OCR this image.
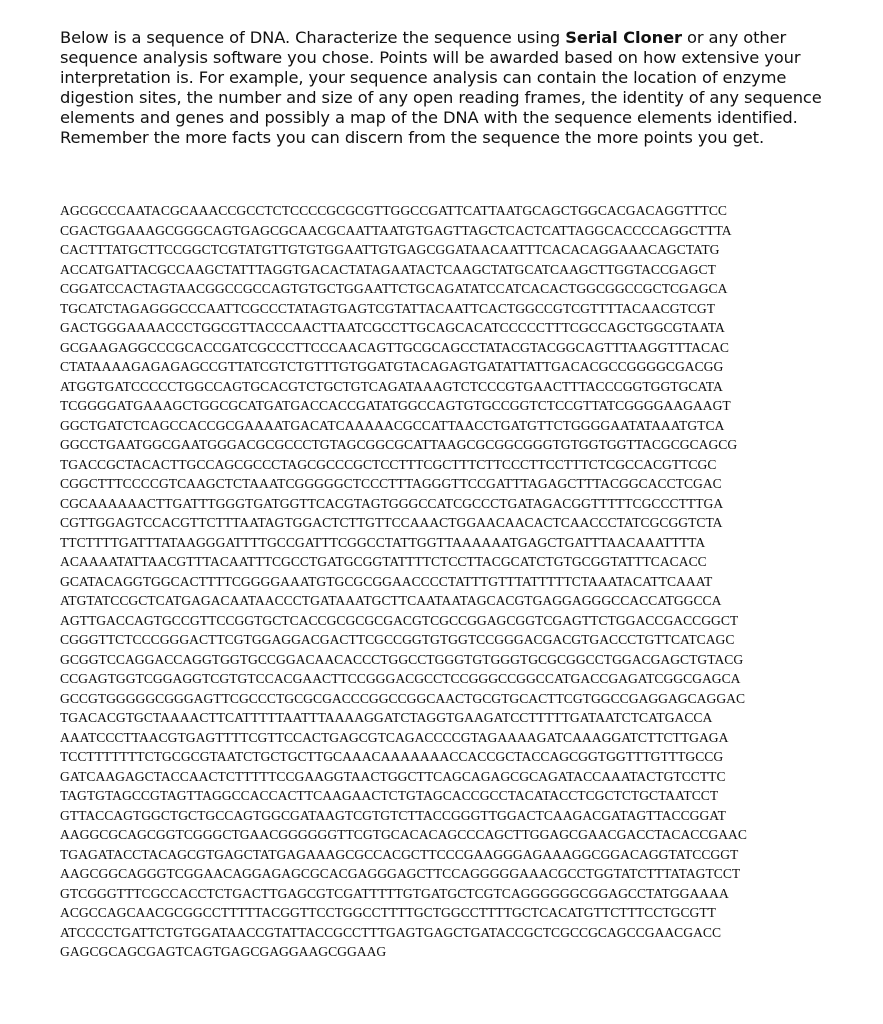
Below is a sequence of DNA. Characterize the sequence using Serial Cloner or any other sequence analysis software you chose. Points will be awarded based on how extensive your interpretation is. For example, your sequence analysis can contain the location of enzyme digestion sites, the number and size of any open reading frames, the identity of any sequence elements and genes and possibly a map of the DNA with the sequence elements identified. Remember the more facts you can discern from the sequence the more points you get.

AGCGCCCAATACGCAAACCGCCTCTCCCCGCGCGTTGGCCGATTCATTAATGCAGCTGGCACGACAGGTTTCC
CGACTGGAAAGCGGGCAGTGAGCGCAACGCAATTAATGTGAGTTAGCTCACTCATTAGGCACCCCAGGCTTTA
CACTTTATGCTTCCGGCTCGTATGTTGTGTGGAATTGTGAGCGGATAACAATTTCACACAGGAAACAGCTATG
ACCATGATTACGCCAAGCTATTTAGGTGACACTATAGAATACTCAAGCTATGCATCAAGCTTGGTACCGAGCT
CGGATCCACTAGTAACGGCCGCCAGTGTGCTGGAATTCTGCAGATATCCATCACACTGGCGGCCGCTCGAGCA
TGCATCTAGAGGGCCCAATTCGCCCTATAGTGAGTCGTATTACAATTCACTGGCCGTCGTTTTACAACGTCGT
GACTGGGAAAACCCTGGCGTTACCCAACTTAATCGCCTTGCAGCACATCCCCCTTTCGCCAGCTGGCGTAATA
GCGAAGAGGCCCGCACCGATCGCCCTTCCCAACAGTTGCGCAGCCTATACGTACGGCAGTTTAAGGTTTACAC
CTATAAAAGAGAGAGCCGTTATCGTCTGTTTGTGGATGTACAGAGTGATATTATTGACACGCCGGGGCGACGG
ATGGTGATCCCCCTGGCCAGTGCACGTCTGCTGTCAGATAAAGTCTCCCGTGAACTTTACCCGGTGGTGCATA
TCGGGGATGAAAGCTGGCGCATGATGACCACCGATATGGCCAGTGTGCCGGTCTCCGTTATCGGGGAAGAAGT
GGCTGATCTCAGCCACCGCGAAAATGACATCAAAAACGCCATTAACCTGATGTTCTGGGGAATATAAATGTCA
GGCCTGAATGGCGAATGGGACGCGCCCTGTAGCGGCGCATTAAGCGCGGCGGGTGTGGTGGTTACGCGCAGCG
TGACCGCTACACTTGCCAGCGCCCTAGCGCCCGCTCCTTTCGCTTTCTTCCCTTCCTTTCTCGCCACGTTCGC
CGGCTTTCCCCGTCAAGCTCTAAATCGGGGGCTCCCTTTAGGGTTCCGATTTAGAGCTTTACGGCACCTCGAC
CGCAAAAAACTTGATTTGGGTGATGGTTCACGTAGTGGGCCATCGCCCTGATAGACGGTTTTTCGCCCTTTGA
CGTTGGAGTCCACGTTCTTTAATAGTGGACTCTTGTTCCAAACTGGAACAACACTCAACCCTATCGCGGTCTA
TTCTTTTGATTTATAAGGGATTTTGCCGATTTCGGCCTATTGGTTAAAAAATGAGCTGATTTAACAAATTTTA
ACAAAATATTAACGTTTACAATTTCGCCTGATGCGGTATTTTCTCCTTACGCATCTGTGCGGTATTTCACACC
GCATACAGGTGGCACTTTTCGGGGAAATGTGCGCGGAACCCCTATTTGTTTATTTTTCTAAATACATTCAAAT
ATGTATCCGCTCATGAGACAATAACCCTGATAAATGCTTCAATAATAGCACGTGAGGAGGGCCACCATGGCCA
AGTTGACCAGTGCCGTTCCGGTGCTCACCGCGCGCGACGTCGCCGGAGCGGTCGAGTTCTGGACCGACCGGCT
CGGGTTCTCCCGGGACTTCGTGGAGGACGACTTCGCCGGTGTGGTCCGGGACGACGTGACCCTGTTCATCAGC
GCGGTCCAGGACCAGGTGGTGCCGGACAACACCCTGGCCTGGGTGTGGGTGCGCGGCCTGGACGAGCTGTACG
CCGAGTGGTCGGAGGTCGTGTCCACGAACTTCCGGGACGCCTCCGGGCCGGCCATGACCGAGATCGGCGAGCA
GCCGTGGGGGCGGGAGTTCGCCCTGCGCGACCCGGCCGGCAACTGCGTGCACTTCGTGGCCGAGGAGCAGGAC
TGACACGTGCTAAAACTTCATTTTTAATTTAAAAGGATCTAGGTGAAGATCCTTTTTGATAATCTCATGACCA
AAATCCCTTAACGTGAGTTTTCGTTCCACTGAGCGTCAGACCCCGTAGAAAAGATCAAAGGATCTTCTTGAGA
TCCTTTTTTTCTGCGCGTAATCTGCTGCTTGCAAACAAAAAAACCACCGCTACCAGCGGTGGTTTGTTTGCCG
GATCAAGAGCTACCAACTCTTTTTCCGAAGGTAACTGGCTTCAGCAGAGCGCAGATACCAAATACTGTCCTTC
TAGTGTAGCCGTAGTTAGGCCACCACTTCAAGAACTCTGTAGCACCGCCTACATACCTCGCTCTGCTAATCCT
GTTACCAGTGGCTGCTGCCAGTGGCGATAAGTCGTGTCTTACCGGGTTGGACTCAAGACGATAGTTACCGGAT
AAGGCGCAGCGGTCGGGCTGAACGGGGGGTTCGTGCACACAGCCCAGCTTGGAGCGAACGACCTACACCGAAC
TGAGATACCTACAGCGTGAGCTATGAGAAAGCGCCACGCTTCCCGAAGGGAGAAAGGCGGACAGGTATCCGGT
AAGCGGCAGGGTCGGAACAGGAGAGCGCACGAGGGAGCTTCCAGGGGGAAACGCCTGGTATCTTTATAGTCCT
GTCGGGTTTCGCCACCTCTGACTTGAGCGTCGATTTTTGTGATGCTCGTCAGGGGGGCGGAGCCTATGGAAAA
ACGCCAGCAACGCGGCCTTTTTACGGTTCCTGGCCTTTTGCTGGCCTTTTGCTCACATGTTCTTTCCTGCGTT
ATCCCCTGATTCTGTGGATAACCGTATTACCGCCTTTGAGTGAGCTGATACCGCTCGCCGCAGCCGAACGACC
GAGCGCAGCGAGTCAGTGAGCGAGGAAGCGGAAG
